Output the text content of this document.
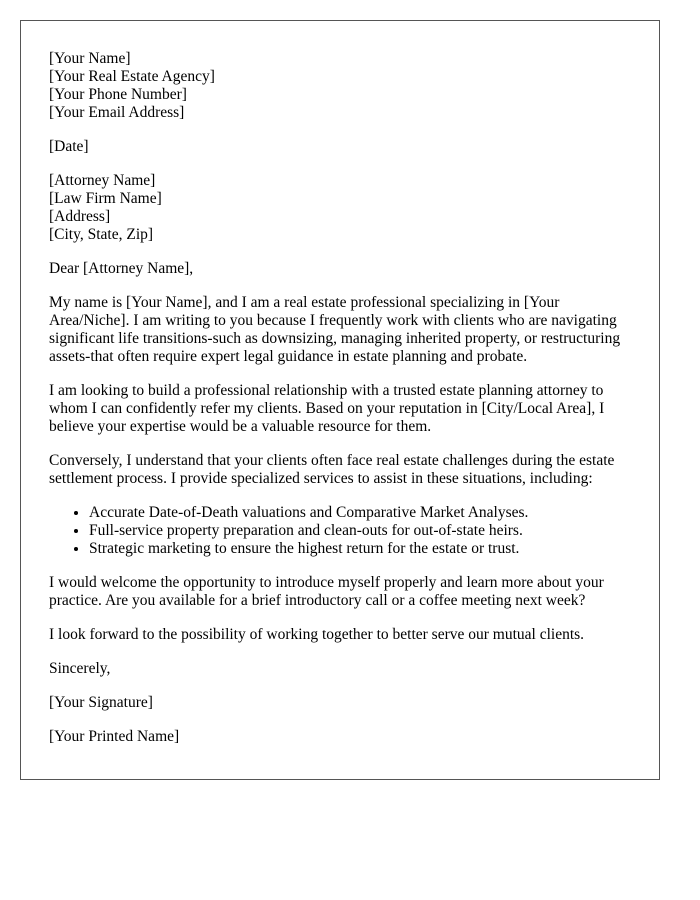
[Your Name]
[Your Real Estate Agency]
[Your Phone Number]
[Your Email Address]
[Date]
[Attorney Name]
[Law Firm Name]
[Address]
[City, State, Zip]

Dear [Attorney Name],

My name is [Your Name], and I am a real estate professional specializing in [Your Area/Niche]. I am writing to you because I frequently work with clients who are navigating significant life transitions-such as downsizing, managing inherited property, or restructuring assets-that often require expert legal guidance in estate planning and probate.

I am looking to build a professional relationship with a trusted estate planning attorney to whom I can confidently refer my clients. Based on your reputation in [City/Local Area], I believe your expertise would be a valuable resource for them.

Conversely, I understand that your clients often face real estate challenges during the estate settlement process. I provide specialized services to assist in these situations, including:

• Accurate Date-of-Death valuations and Comparative Market Analyses.
• Full-service property preparation and clean-outs for out-of-state heirs.
• Strategic marketing to ensure the highest return for the estate or trust.

I would welcome the opportunity to introduce myself properly and learn more about your practice. Are you available for a brief introductory call or a coffee meeting next week?

I look forward to the possibility of working together to better serve our mutual clients.

Sincerely,

[Your Signature]

[Your Printed Name]
